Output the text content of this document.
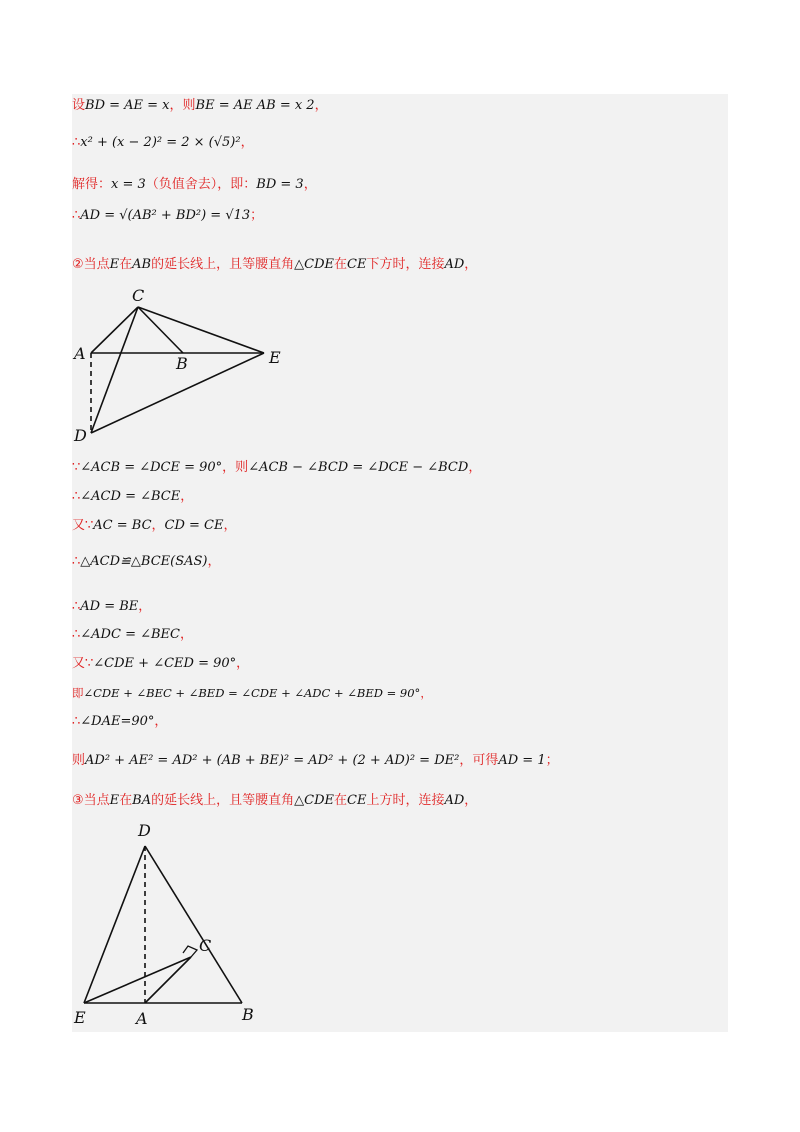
设BD = AE = x，则BE = AE AB = x 2，
∴x² + (x − 2)² = 2 × (√5)²，
解得：x = 3（负值舍去），即：BD = 3，
∴AD = √(AB² + BD²) = √13；
②当点E在AB的延长线上，且等腰直角△CDE在CE下方时，连接AD，
C
A
B	E
D
∵∠ACB = ∠DCE = 90°，则∠ACB − ∠BCD = ∠DCE − ∠BCD，
∴∠ACD = ∠BCE，
又∵AC = BC，CD = CE，
∴△ACD≌△BCE(SAS)，
∴AD = BE，
∴∠ADC = ∠BEC，
又∵∠CDE + ∠CED = 90°，
即∠CDE + ∠BEC + ∠BED = ∠CDE + ∠ADC + ∠BED = 90°，
∴∠DAE=90°，
则AD² + AE² = AD² + (AB + BE)² = AD² + (2 + AD)² = DE²，可得AD = 1；
③当点E在BA的延长线上，且等腰直角△CDE在CE上方时，连接AD，
D
C
E	A	B
